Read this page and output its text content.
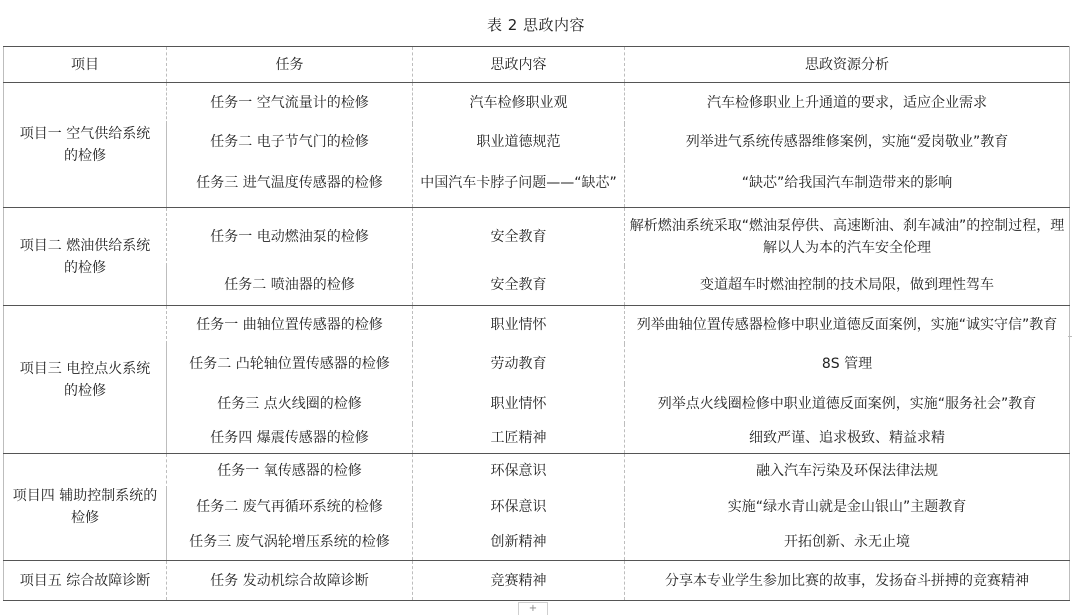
表 2 思政内容
项目	任务	思政内容	思政资源分析
项目一 空气供给系统的检修	任务一 空气流量计的检修	汽车检修职业观	汽车检修职业上升通道的要求，适应企业需求
	任务二 电子节气门的检修	职业道德规范	列举进气系统传感器维修案例，实施“爱岗敬业”教育
	任务三 进气温度传感器的检修	中国汽车卡脖子问题——“缺芯”	“缺芯”给我国汽车制造带来的影响
项目二 燃油供给系统的检修	任务一 电动燃油泵的检修	安全教育	解析燃油系统采取“燃油泵停供、高速断油、刹车减油”的控制过程，理解以人为本的汽车安全伦理
	任务二 喷油器的检修	安全教育	变道超车时燃油控制的技术局限，做到理性驾车
项目三 电控点火系统的检修	任务一 曲轴位置传感器的检修	职业情怀	列举曲轴位置传感器检修中职业道德反面案例，实施“诚实守信”教育
	任务二 凸轮轴位置传感器的检修	劳动教育	8S 管理
	任务三 点火线圈的检修	职业情怀	列举点火线圈检修中职业道德反面案例，实施“服务社会”教育
	任务四 爆震传感器的检修	工匠精神	细致严谨、追求极致、精益求精
项目四 辅助控制系统的检修	任务一 氧传感器的检修	环保意识	融入汽车污染及环保法律法规
	任务二 废气再循环系统的检修	环保意识	实施“绿水青山就是金山银山”主题教育
	任务三 废气涡轮增压系统的检修	创新精神	开拓创新、永无止境
项目五 综合故障诊断	任务 发动机综合故障诊断	竞赛精神	分享本专业学生参加比赛的故事，发扬奋斗拼搏的竞赛精神
+
